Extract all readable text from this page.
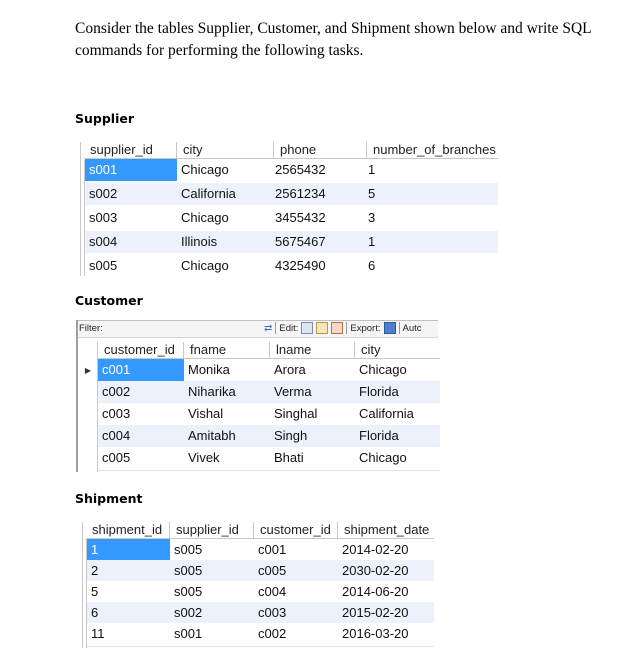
Consider the tables Supplier, Customer, and Shipment shown below and write SQL commands for performing the following tasks.

Supplier
supplier_id	city	phone	number_of_branches
s001	Chicago	2565432	1
s002	California	2561234	5
s003	Chicago	3455432	3
s004	Illinois	5675467	1
s005	Chicago	4325490	6
Customer
Filter:	⇄ Edit:	Export: Autc
customer_id	fname	lname	city
▶ c001	Monika	Arora	Chicago
c002	Niharika	Verma	Florida
c003	Vishal	Singhal	California
c004	Amitabh	Singh	Florida
c005	Vivek	Bhati	Chicago
Shipment
shipment_id	supplier_id	customer_id	shipment_date
1	s005	c001	2014-02-20
2	s005	c005	2030-02-20
5	s005	c004	2014-06-20
6	s002	c003	2015-02-20
11	s001	c002	2016-03-20
